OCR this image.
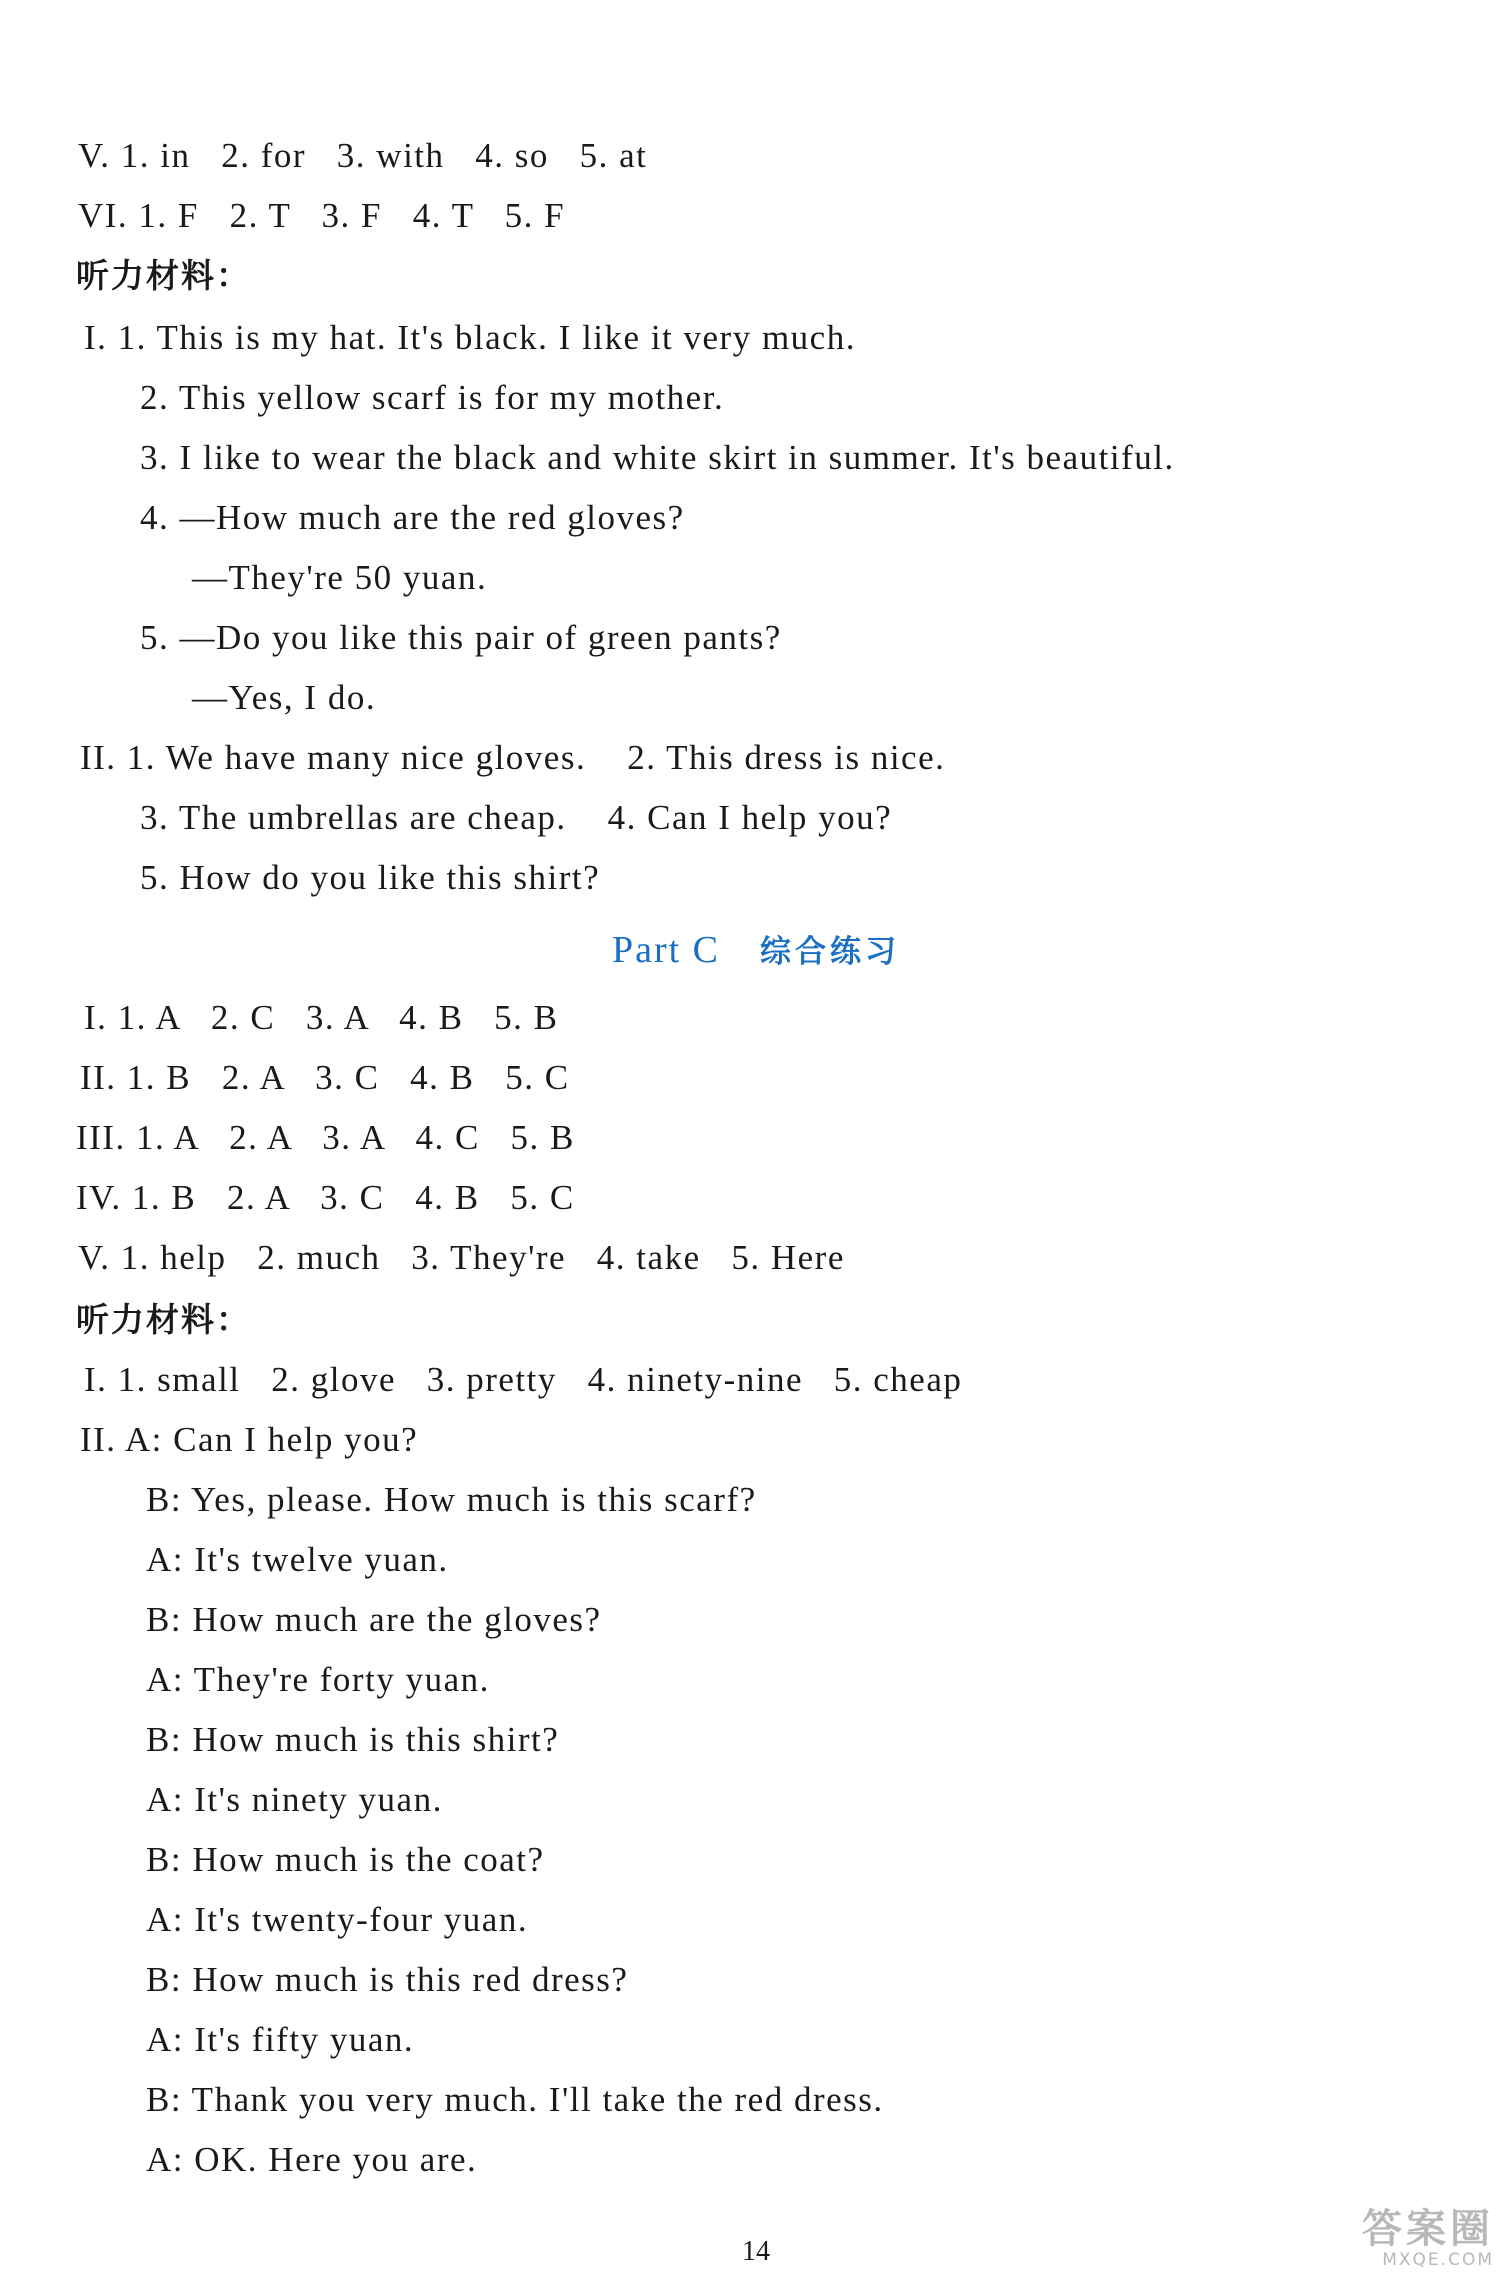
V. 1. in   2. for   3. with   4. so   5. at
VI. 1. F   2. T   3. F   4. T   5. F
听力材料：
I. 1. This is my hat. It's black. I like it very much.
2. This yellow scarf is for my mother.
3. I like to wear the black and white skirt in summer. It's beautiful.
4. —How much are the red gloves?
—They're 50 yuan.
5. —Do you like this pair of green pants?
—Yes, I do.
II. 1. We have many nice gloves.    2. This dress is nice.
3. The umbrellas are cheap.    4. Can I help you?
5. How do you like this shirt?
Part C 综合练习
I. 1. A   2. C   3. A   4. B   5. B
II. 1. B   2. A   3. C   4. B   5. C
III. 1. A   2. A   3. A   4. C   5. B
IV. 1. B   2. A   3. C   4. B   5. C
V. 1. help   2. much   3. They're   4. take   5. Here
听力材料：
I. 1. small   2. glove   3. pretty   4. ninety-nine   5. cheap
II. A: Can I help you?
B: Yes, please. How much is this scarf?
A: It's twelve yuan.
B: How much are the gloves?
A: They're forty yuan.
B: How much is this shirt?
A: It's ninety yuan.
B: How much is the coat?
A: It's twenty-four yuan.
B: How much is this red dress?
A: It's fifty yuan.
B: Thank you very much. I'll take the red dress.
A: OK. Here you are.
14	答案圈
MXQE.COM
